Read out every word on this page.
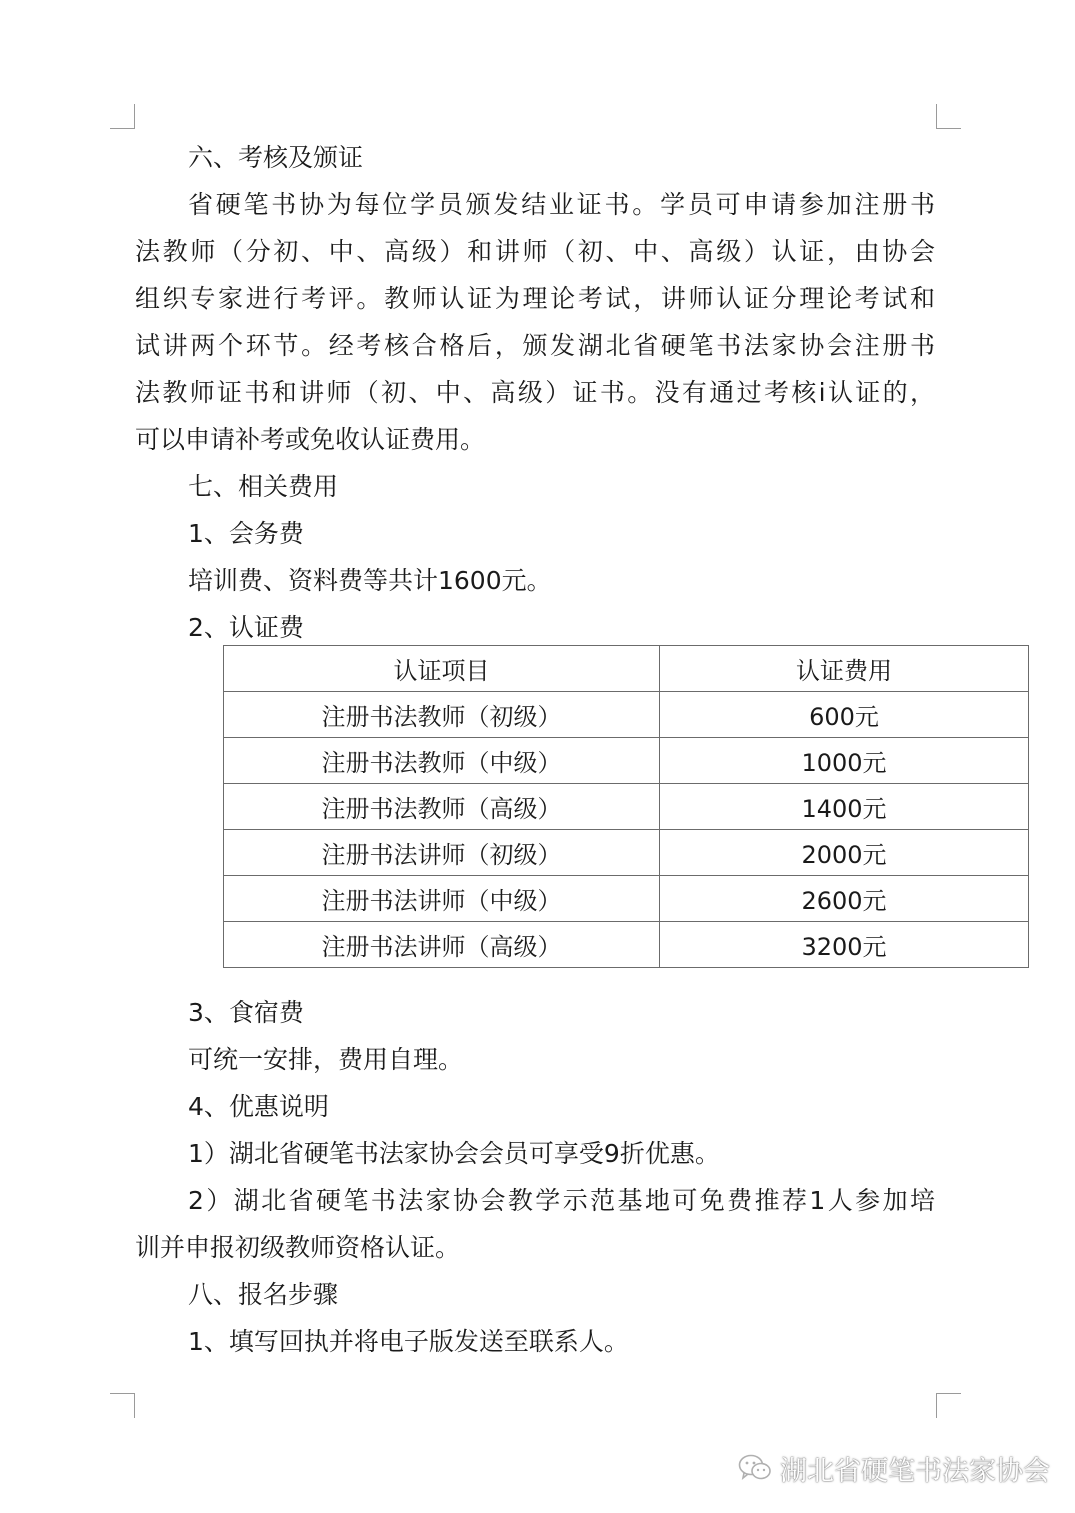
六、考核及颁证
省硬笔书协为每位学员颁发结业证书。学员可申请参加注册书
法教师（分初、中、高级）和讲师（初、中、高级）认证，由协会
组织专家进行考评。教师认证为理论考试，讲师认证分理论考试和
试讲两个环节。经考核合格后，颁发湖北省硬笔书法家协会注册书
法教师证书和讲师（初、中、高级）证书。没有通过考核i认证的，
可以申请补考或免收认证费用。
七、相关费用
1、会务费
培训费、资料费等共计1600元。
2、认证费
认证项目	认证费用
注册书法教师（初级）	600元
注册书法教师（中级）	1000元
注册书法教师（高级）	1400元
注册书法讲师（初级）	2000元
注册书法讲师（中级）	2600元
注册书法讲师（高级）	3200元
3、食宿费
可统一安排，费用自理。
4、优惠说明
1）湖北省硬笔书法家协会会员可享受9折优惠。
2）湖北省硬笔书法家协会教学示范基地可免费推荐1人参加培
训并申报初级教师资格认证。
八、报名步骤
1、填写回执并将电子版发送至联系人。
湖北省硬笔书法家协会
